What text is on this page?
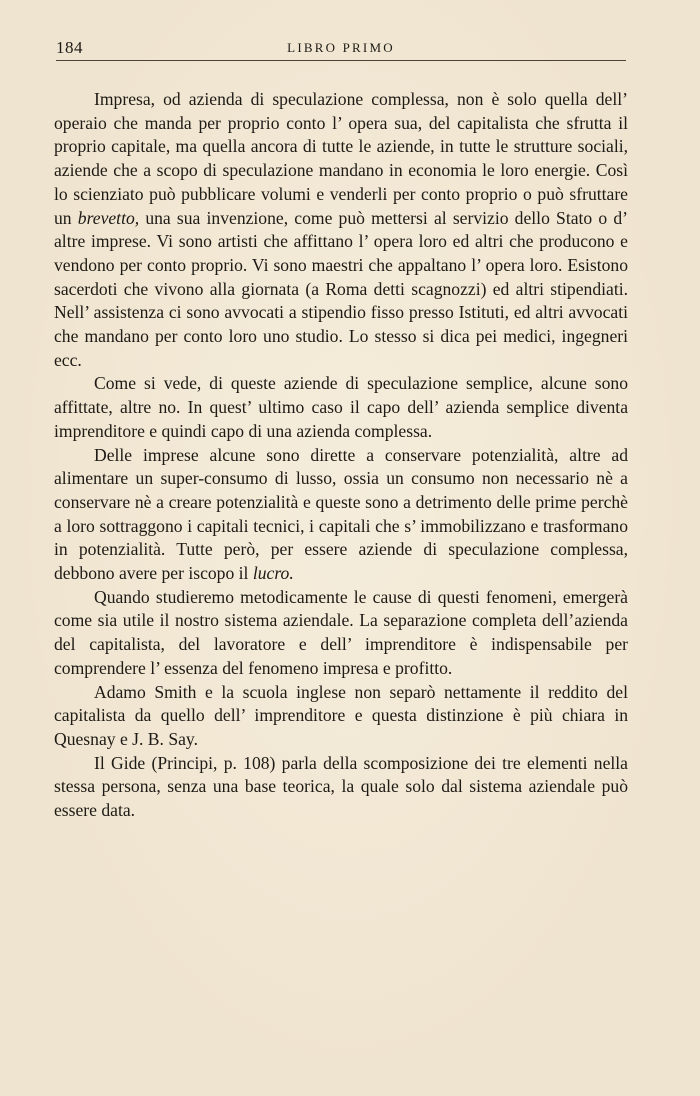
184	LIBRO PRIMO

Impresa, od azienda di speculazione complessa, non è solo quella dell’ operaio che manda per proprio conto l’ opera sua, del capitalista che sfrutta il proprio capitale, ma quella ancora di tutte le aziende, in tutte le strutture sociali, aziende che a scopo di speculazione mandano in economia le loro energie. Così lo scienziato può pubblicare volumi e venderli per conto proprio o può sfruttare un brevetto, una sua invenzione, come può mettersi al servizio dello Stato o d’ altre imprese. Vi sono artisti che affittano l’ opera loro ed altri che producono e vendono per conto proprio. Vi sono maestri che appaltano l’ opera loro. Esistono sacerdoti che vivono alla giornata (a Roma detti scagnozzi) ed altri stipendiati. Nell’ assistenza ci sono avvocati a stipendio fisso presso Istituti, ed altri avvocati che mandano per conto loro uno studio. Lo stesso si dica pei medici, ingegneri ecc.

Come si vede, di queste aziende di speculazione semplice, alcune sono affittate, altre no. In quest’ ultimo caso il capo dell’ azienda semplice diventa imprenditore e quindi capo di una azienda complessa.

Delle imprese alcune sono dirette a conservare potenzialità, altre ad alimentare un super-consumo di lusso, ossia un consumo non necessario nè a conservare nè a creare potenzialità e queste sono a detrimento delle prime perchè a loro sottraggono i capitali tecnici, i capitali che s’ immobilizzano e trasformano in potenzialità. Tutte però, per essere aziende di speculazione complessa, debbono avere per iscopo il lucro.

Quando studieremo metodicamente le cause di questi fenomeni, emergerà come sia utile il nostro sistema aziendale. La separazione completa dell’azienda del capitalista, del lavoratore e dell’ imprenditore è indispensabile per comprendere l’ essenza del fenomeno impresa e profitto.

Adamo Smith e la scuola inglese non separò nettamente il reddito del capitalista da quello dell’ imprenditore e questa distinzione è più chiara in Quesnay e J. B. Say.

Il Gide (Principi, p. 108) parla della scomposizione dei tre elementi nella stessa persona, senza una base teorica, la quale solo dal sistema aziendale può essere data.
